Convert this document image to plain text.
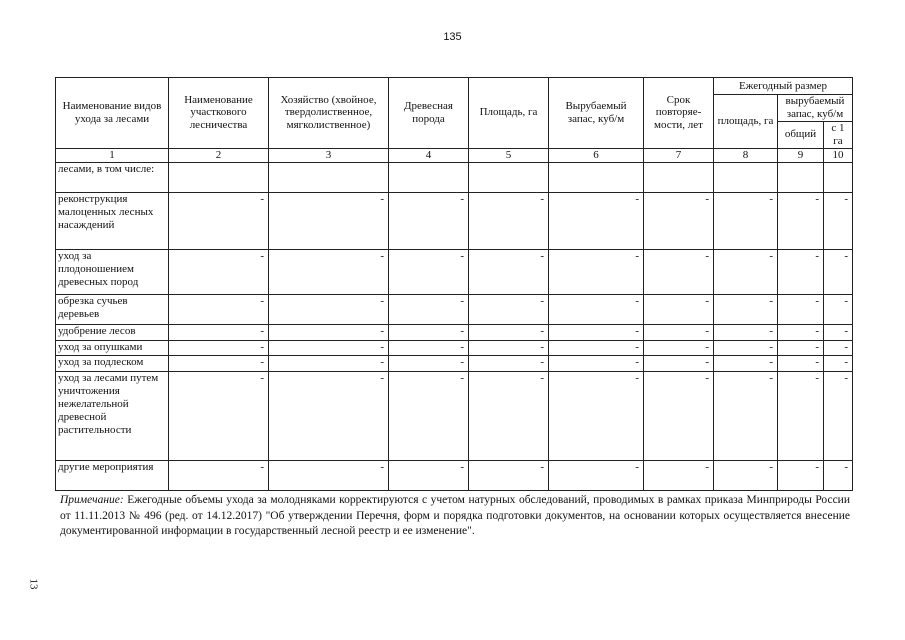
135
Наименование видов ухода за лесами	Наименование участкового лесничества	Хозяйство (хвойное, твердолиственное, мягколиственное)	Древесная порода	Площадь, га	Вырубаемый запас, куб/м	Срок повторяе-мости, лет	Ежегодный размер		
							площадь, га	вырубаемый запас, куб/м	
								общий	с 1 га
1	2	3	4	5	6	7	8	9	10
лесами, в том числе:									
реконструкция малоценных лесных насаждений	-	-	-	-	-	-	-	-	-
уход за плодоношением древесных пород	-	-	-	-	-	-	-	-	-
обрезка сучьев деревьев	-	-	-	-	-	-	-	-	-
удобрение лесов	-	-	-	-	-	-	-	-	-
уход за опушками	-	-	-	-	-	-	-	-	-
уход за подлеском	-	-	-	-	-	-	-	-	-
уход за лесами путем уничтожения нежелательной древесной растительности	-	-	-	-	-	-	-	-	-
другие мероприятия	-	-	-	-	-	-	-	-	-
Примечание: Ежегодные объемы ухода за молодняками корректируются с учетом натурных обследований, проводимых в рамках приказа Минприроды России от 11.11.2013 № 496 (ред. от 14.12.2017) "Об утверждении Перечня, форм и порядка подготовки документов, на основании которых осуществляется внесение документированной информации в государственный лесной реестр и ее изменение".
13
